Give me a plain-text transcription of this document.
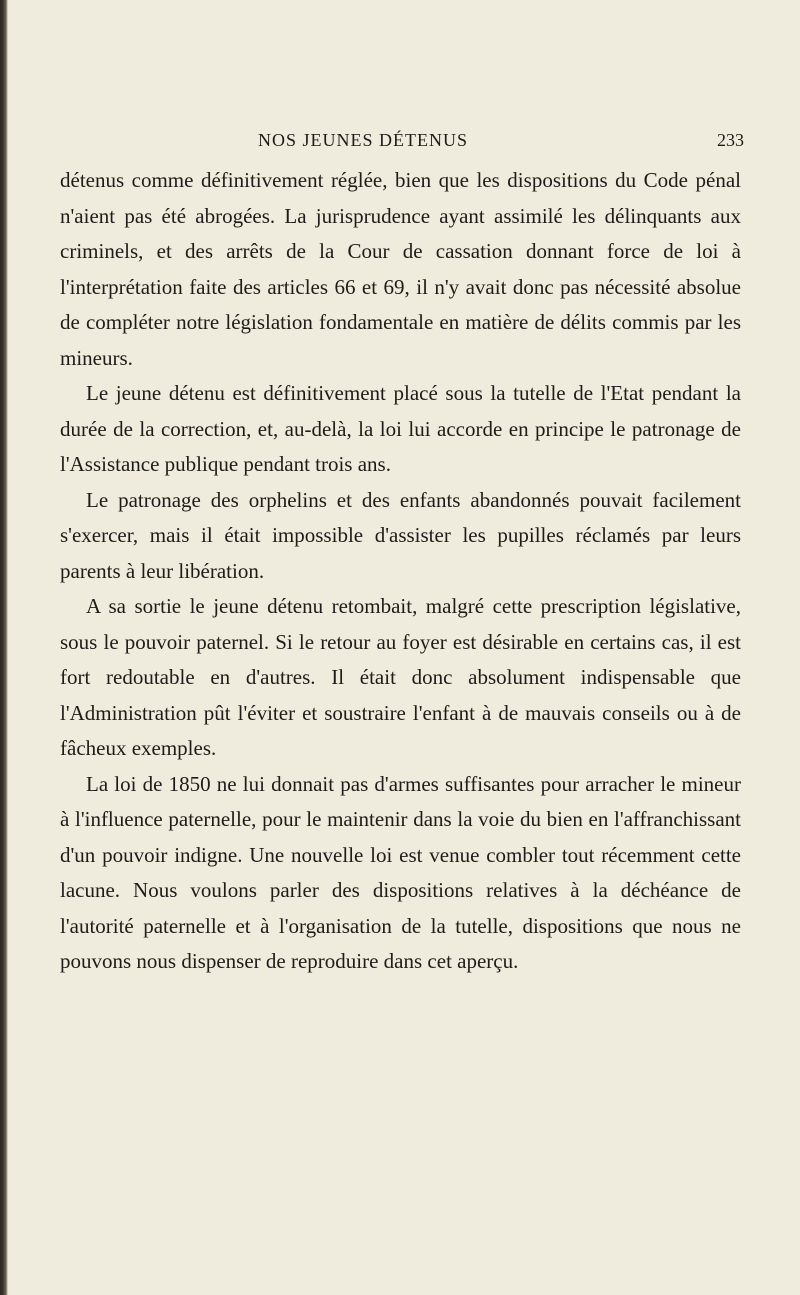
NOS JEUNES DÉTENUS	233

détenus comme définitivement réglée, bien que les dispositions du Code pénal n'aient pas été abrogées. La jurisprudence ayant assimilé les délinquants aux criminels, et des arrêts de la Cour de cassation donnant force de loi à l'interprétation faite des articles 66 et 69, il n'y avait donc pas nécessité absolue de compléter notre législation fondamentale en matière de délits commis par les mineurs.

Le jeune détenu est définitivement placé sous la tutelle de l'Etat pendant la durée de la correction, et, au-delà, la loi lui accorde en principe le patronage de l'Assistance publique pendant trois ans.

Le patronage des orphelins et des enfants abandonnés pouvait facilement s'exercer, mais il était impossible d'assister les pupilles réclamés par leurs parents à leur libération.

A sa sortie le jeune détenu retombait, malgré cette prescription législative, sous le pouvoir paternel. Si le retour au foyer est désirable en certains cas, il est fort redoutable en d'autres. Il était donc absolument indispensable que l'Administration pût l'éviter et soustraire l'enfant à de mauvais conseils ou à de fâcheux exemples.

La loi de 1850 ne lui donnait pas d'armes suffisantes pour arracher le mineur à l'influence paternelle, pour le maintenir dans la voie du bien en l'affranchissant d'un pouvoir indigne. Une nouvelle loi est venue combler tout récemment cette lacune. Nous voulons parler des dispositions relatives à la déchéance de l'autorité paternelle et à l'organisation de la tutelle, dispositions que nous ne pouvons nous dispenser de reproduire dans cet aperçu.
